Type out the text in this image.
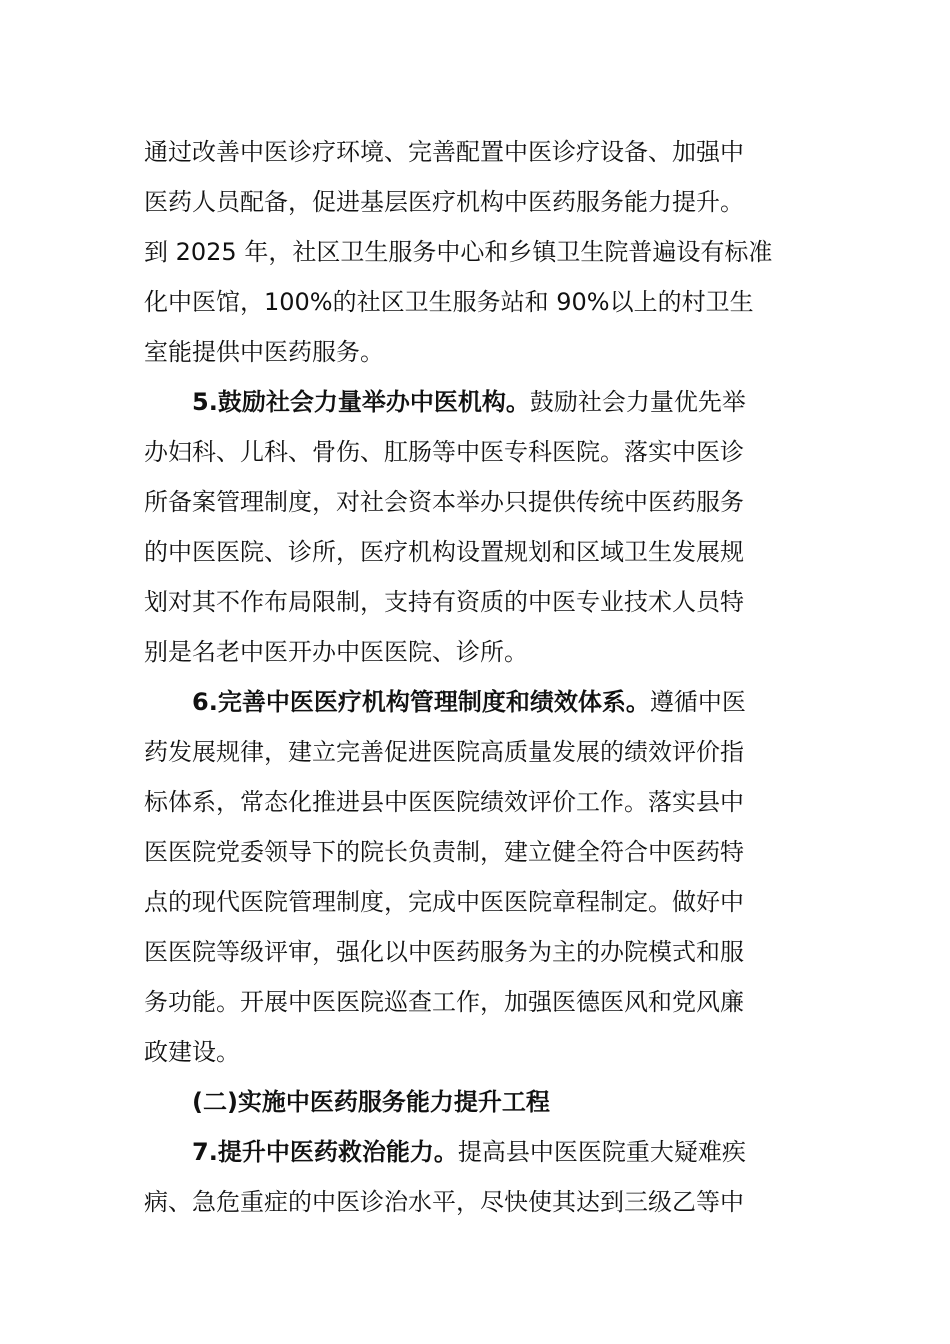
通过改善中医诊疗环境、完善配置中医诊疗设备、加强中
医药人员配备，促进基层医疗机构中医药服务能力提升。
到 2025 年，社区卫生服务中心和乡镇卫生院普遍设有标准
化中医馆，100%的社区卫生服务站和 90%以上的村卫生
室能提供中医药服务。
5.鼓励社会力量举办中医机构。鼓励社会力量优先举
办妇科、儿科、骨伤、肛肠等中医专科医院。落实中医诊
所备案管理制度，对社会资本举办只提供传统中医药服务
的中医医院、诊所，医疗机构设置规划和区域卫生发展规
划对其不作布局限制，支持有资质的中医专业技术人员特
别是名老中医开办中医医院、诊所。
6.完善中医医疗机构管理制度和绩效体系。遵循中医
药发展规律，建立完善促进医院高质量发展的绩效评价指
标体系，常态化推进县中医医院绩效评价工作。落实县中
医医院党委领导下的院长负责制，建立健全符合中医药特
点的现代医院管理制度，完成中医医院章程制定。做好中
医医院等级评审，强化以中医药服务为主的办院模式和服
务功能。开展中医医院巡查工作，加强医德医风和党风廉
政建设。
(二)实施中医药服务能力提升工程
7.提升中医药救治能力。提高县中医医院重大疑难疾
病、急危重症的中医诊治水平，尽快使其达到三级乙等中
